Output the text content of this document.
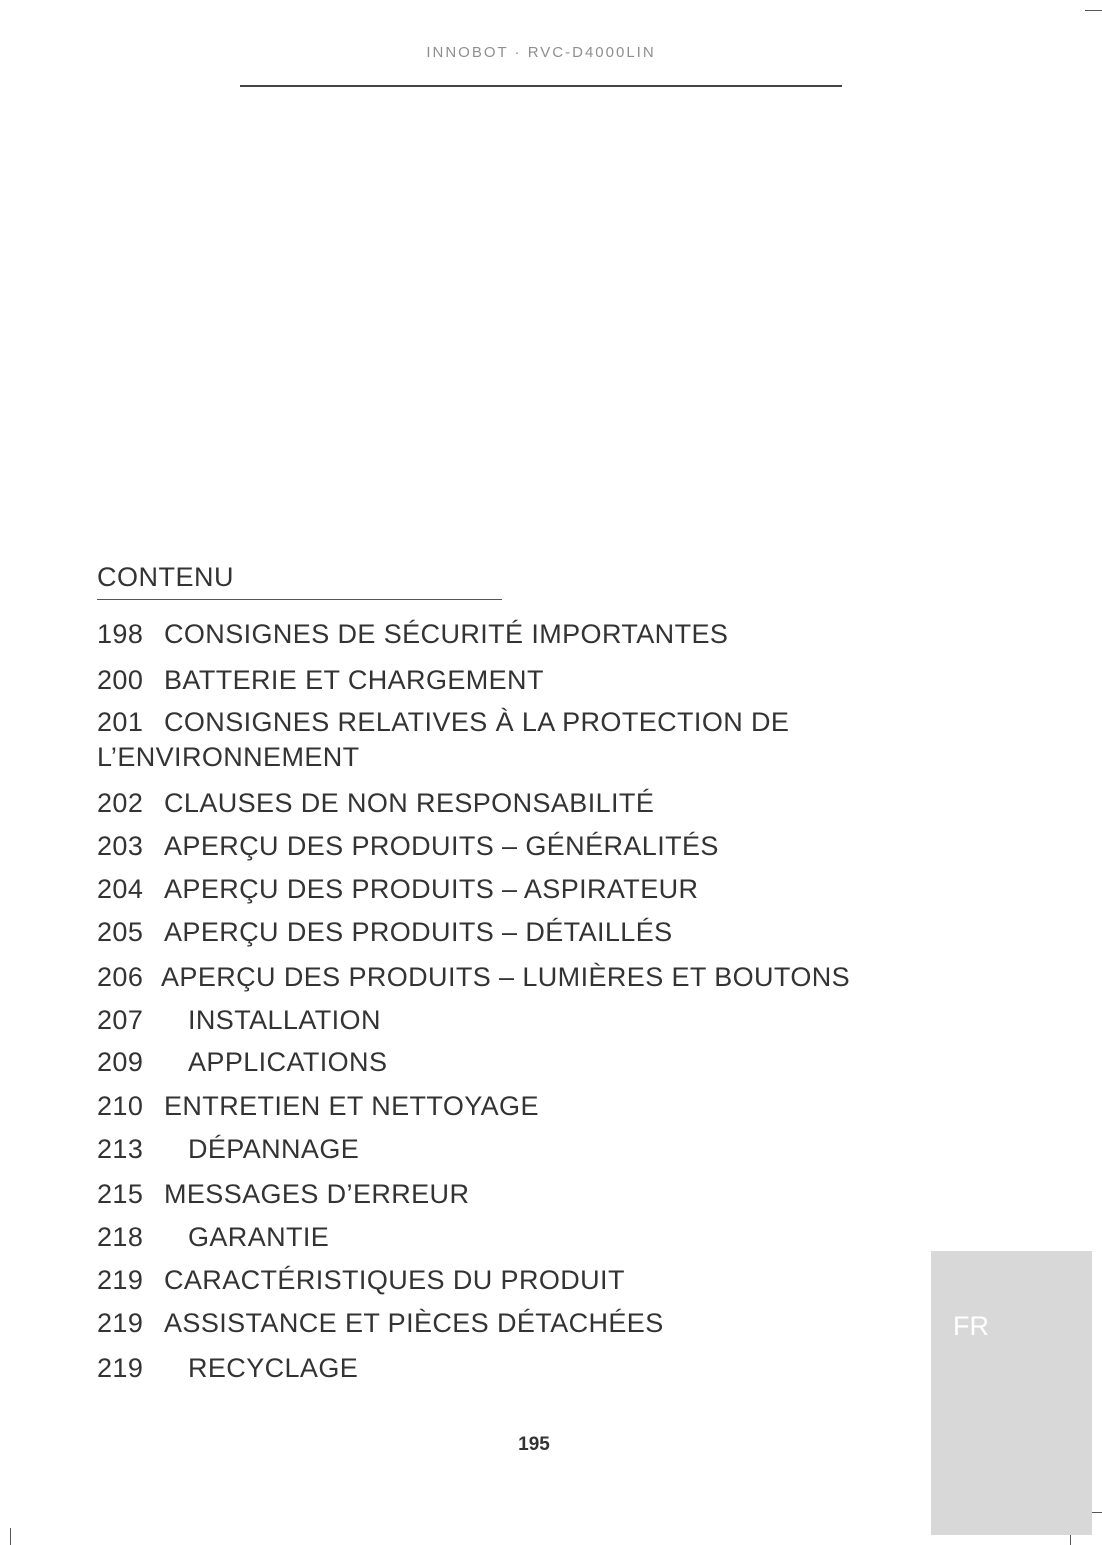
INNOBOT · RVC-D4000LIN
CONTENU
198 CONSIGNES DE SÉCURITÉ IMPORTANTES
200 BATTERIE ET CHARGEMENT
201 CONSIGNES RELATIVES À LA PROTECTION DE
L’ENVIRONNEMENT
202 CLAUSES DE NON RESPONSABILITÉ
203 APERÇU DES PRODUITS – GÉNÉRALITÉS
204 APERÇU DES PRODUITS – ASPIRATEUR
205 APERÇU DES PRODUITS – DÉTAILLÉS
206 APERÇU DES PRODUITS – LUMIÈRES ET BOUTONS
207 INSTALLATION
209 APPLICATIONS
210 ENTRETIEN ET NETTOYAGE
213 DÉPANNAGE
215 MESSAGES D’ERREUR
218 GARANTIE
219 CARACTÉRISTIQUES DU PRODUIT
219 ASSISTANCE ET PIÈCES DÉTACHÉES
219 RECYCLAGE
FR
195
